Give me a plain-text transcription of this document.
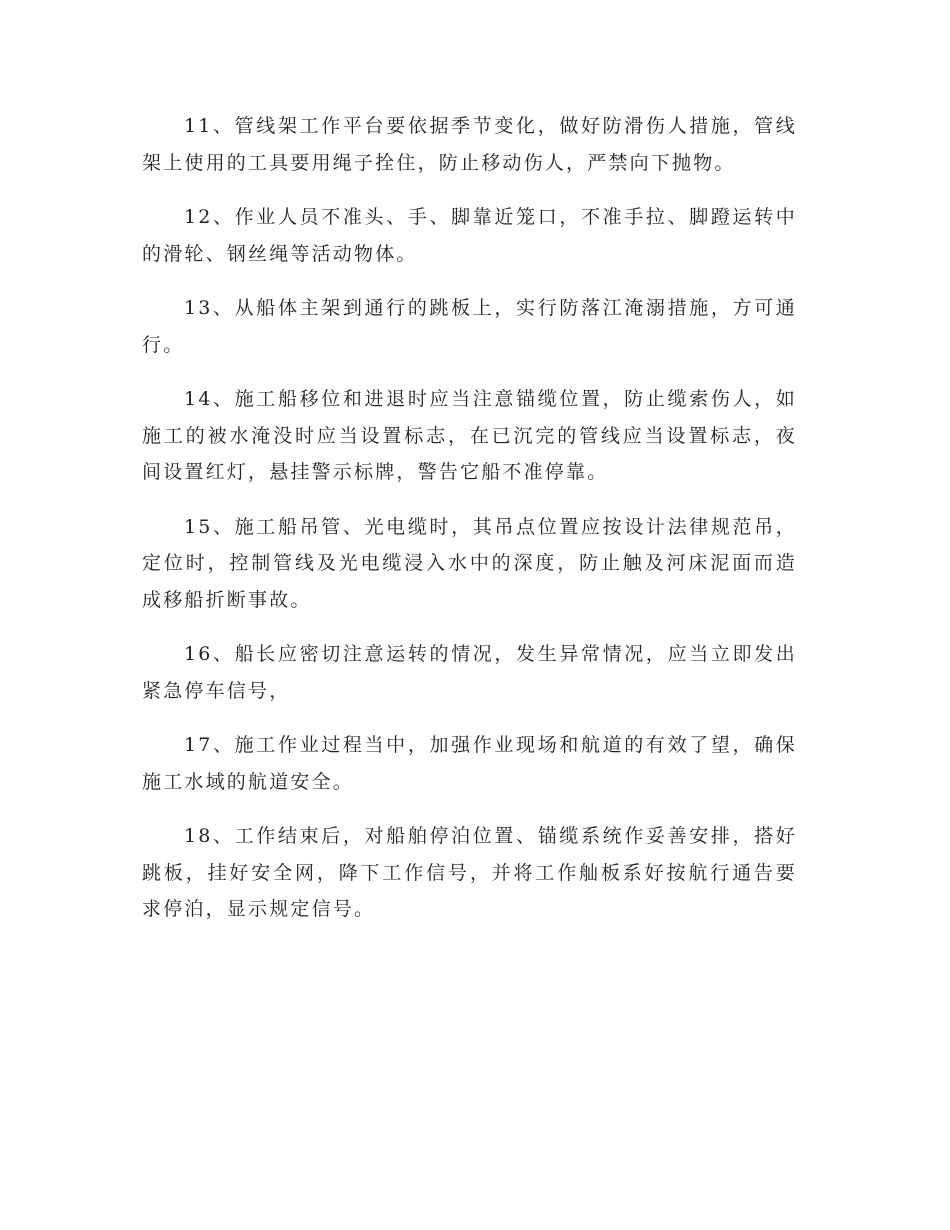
11、管线架工作平台要依据季节变化，做好防滑伤人措施，管线架上使用的工具要用绳子拴住，防止移动伤人，严禁向下抛物。

12、作业人员不准头、手、脚靠近笼口，不准手拉、脚蹬运转中的滑轮、钢丝绳等活动物体。

13、从船体主架到通行的跳板上，实行防落江淹溺措施，方可通行。

14、施工船移位和进退时应当注意锚缆位置，防止缆索伤人，如施工的被水淹没时应当设置标志，在已沉完的管线应当设置标志，夜间设置红灯，悬挂警示标牌，警告它船不准停靠。

15、施工船吊管、光电缆时，其吊点位置应按设计法律规范吊，定位时，控制管线及光电缆浸入水中的深度，防止触及河床泥面而造成移船折断事故。

16、船长应密切注意运转的情况，发生异常情况，应当立即发出紧急停车信号，

17、施工作业过程当中，加强作业现场和航道的有效了望，确保施工水域的航道安全。

18、工作结束后，对船舶停泊位置、锚缆系统作妥善安排，搭好跳板，挂好安全网，降下工作信号，并将工作舢板系好按航行通告要求停泊，显示规定信号。
